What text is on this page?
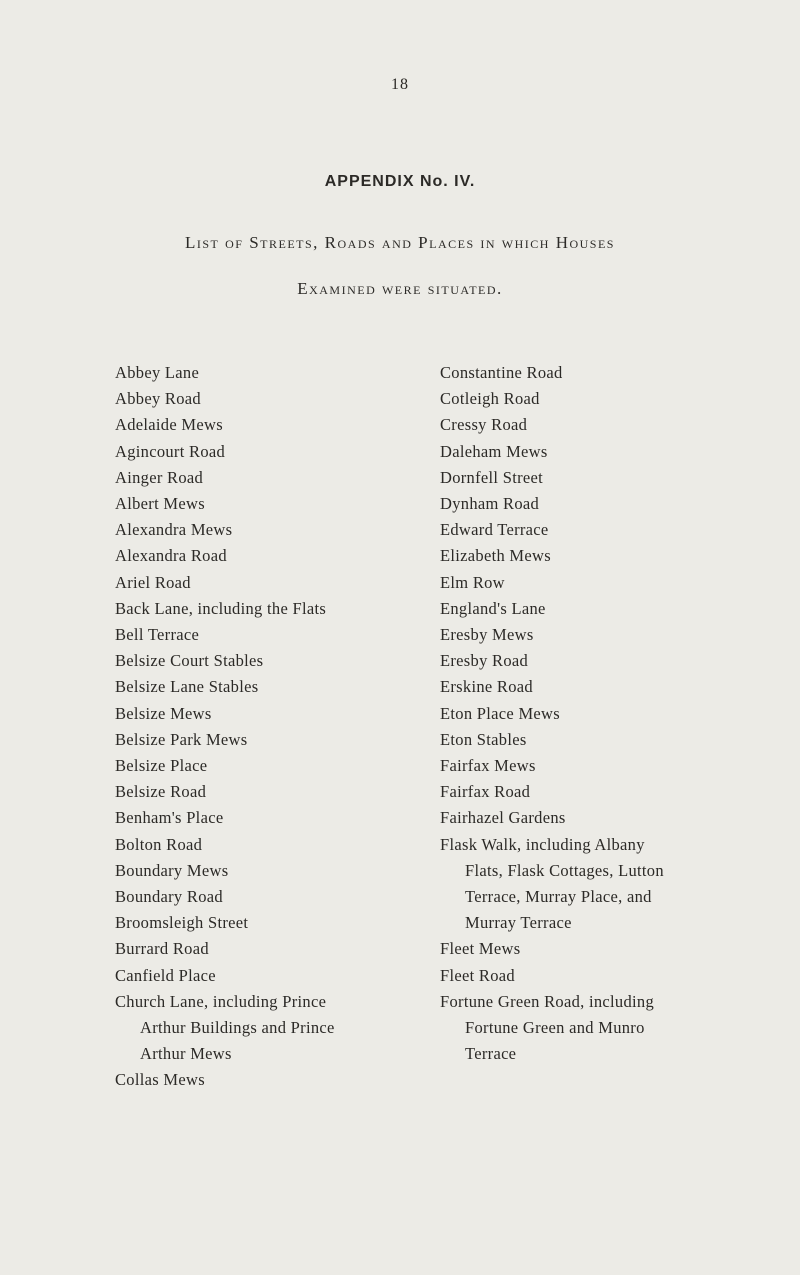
18
APPENDIX No. IV.
List of Streets, Roads and Places in which Houses
Examined were situated.
Abbey Lane
Abbey Road
Adelaide Mews
Agincourt Road
Ainger Road
Albert Mews
Alexandra Mews
Alexandra Road
Ariel Road
Back Lane, including the Flats
Bell Terrace
Belsize Court Stables
Belsize Lane Stables
Belsize Mews
Belsize Park Mews
Belsize Place
Belsize Road
Benham's Place
Bolton Road
Boundary Mews
Boundary Road
Broomsleigh Street
Burrard Road
Canfield Place
Church Lane, including Prince
Arthur Buildings and Prince
Arthur Mews
Collas Mews
Constantine Road
Cotleigh Road
Cressy Road
Daleham Mews
Dornfell Street
Dynham Road
Edward Terrace
Elizabeth Mews
Elm Row
England's Lane
Eresby Mews
Eresby Road
Erskine Road
Eton Place Mews
Eton Stables
Fairfax Mews
Fairfax Road
Fairhazel Gardens
Flask Walk, including Albany
Flats, Flask Cottages, Lutton
Terrace, Murray Place, and
Murray Terrace
Fleet Mews
Fleet Road
Fortune Green Road, including
Fortune Green and Munro
Terrace
